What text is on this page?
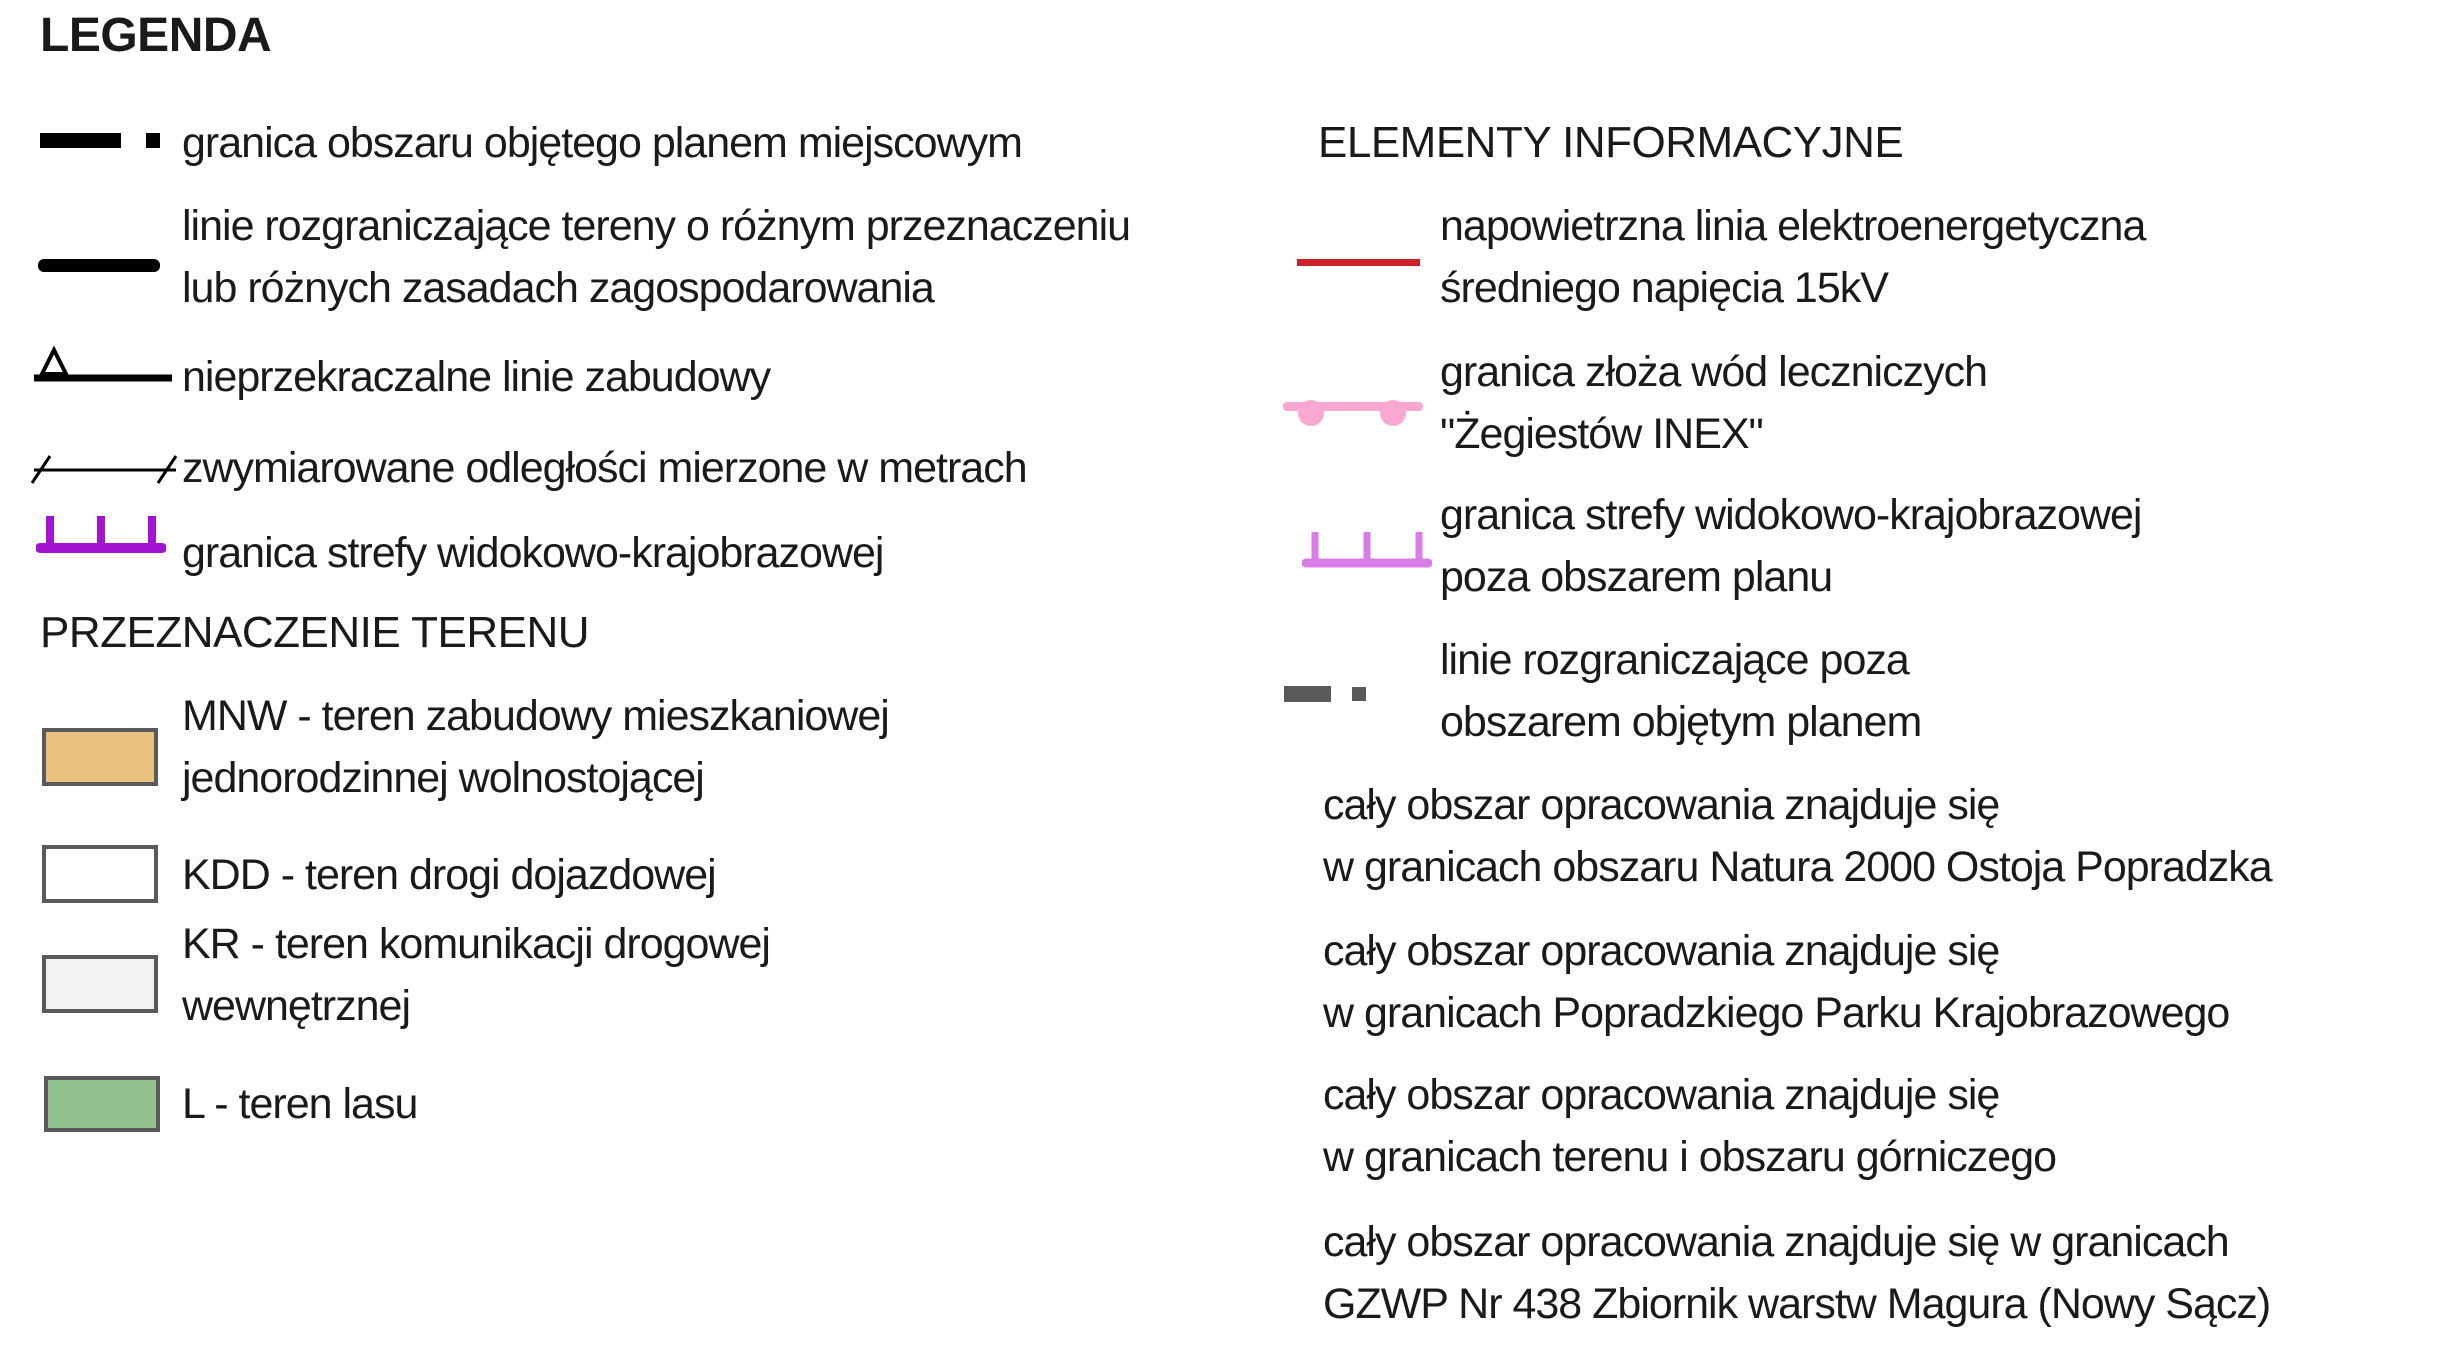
LEGENDA
granica obszaru objętego planem miejscowym
linie rozgraniczające tereny o różnym przeznaczeniu
lub różnych zasadach zagospodarowania
nieprzekraczalne linie zabudowy
zwymiarowane odległości mierzone w metrach
granica strefy widokowo-krajobrazowej
PRZEZNACZENIE TERENU
MNW - teren zabudowy mieszkaniowej
jednorodzinnej wolnostojącej
KDD - teren drogi dojazdowej
KR - teren komunikacji drogowej
wewnętrznej
L - teren lasu
ELEMENTY INFORMACYJNE
napowietrzna linia elektroenergetyczna
średniego napięcia 15kV
granica złoża wód leczniczych
"Żegiestów INEX"
granica strefy widokowo-krajobrazowej
poza obszarem planu
linie rozgraniczające poza
obszarem objętym planem
cały obszar opracowania znajduje się
w granicach obszaru Natura 2000 Ostoja Popradzka
cały obszar opracowania znajduje się
w granicach Popradzkiego Parku Krajobrazowego
cały obszar opracowania znajduje się
w granicach terenu i obszaru górniczego
cały obszar opracowania znajduje się w granicach
GZWP Nr 438 Zbiornik warstw Magura (Nowy Sącz)
